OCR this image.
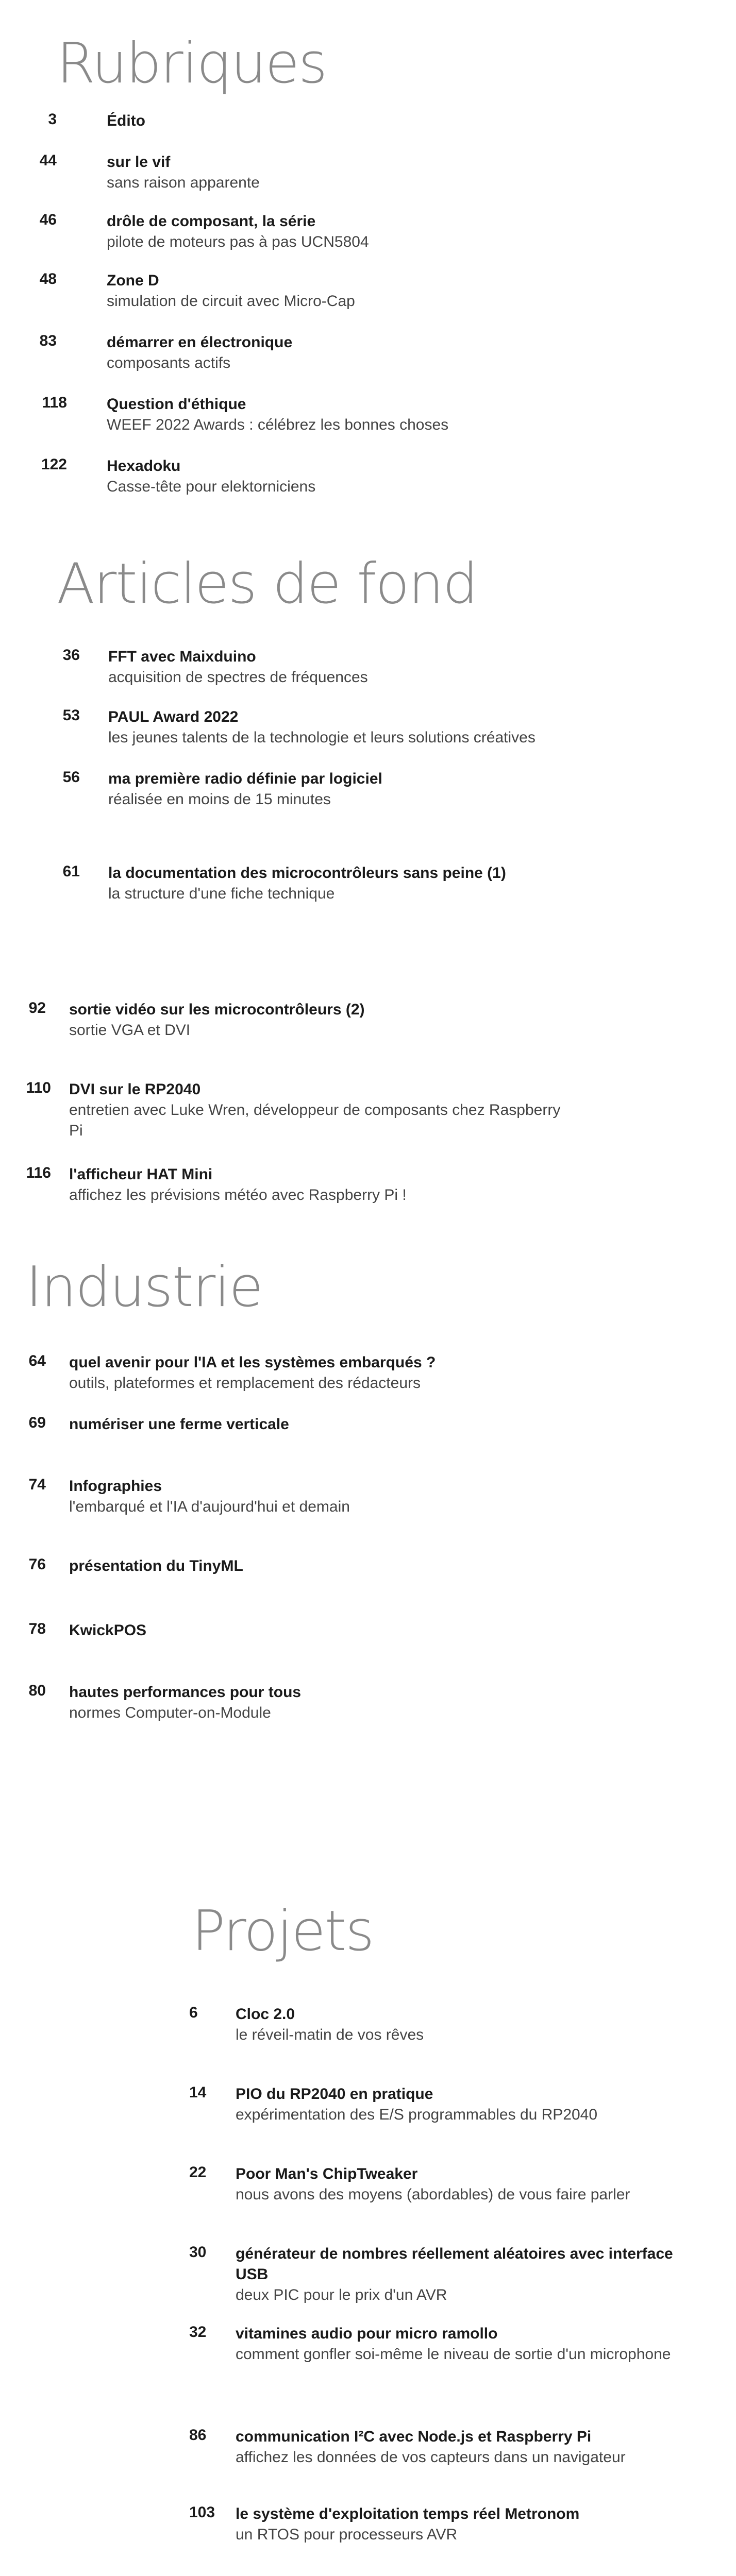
Rubriques
3	Édito
44	sur le vif
sans raison apparente
46	drôle de composant, la série
pilote de moteurs pas à pas UCN5804
48	Zone D
simulation de circuit avec Micro-Cap
83	démarrer en électronique
composants actifs
118	Question d'éthique
WEEF 2022 Awards : célébrez les bonnes choses
122	Hexadoku
Casse-tête pour elektorniciens
Articles de fond
36 FFT avec Maixduino
acquisition de spectres de fréquences
53 PAUL Award 2022
les jeunes talents de la technologie et leurs solutions créatives
56 ma première radio définie par logiciel
réalisée en moins de 15 minutes
61 la documentation des microcontrôleurs sans peine (1)
la structure d'une fiche technique
92 sortie vidéo sur les microcontrôleurs (2)
sortie VGA et DVI
110 DVI sur le RP2040
entretien avec Luke Wren, développeur de composants chez Raspberry Pi
116 l'afficheur HAT Mini
affichez les prévisions météo avec Raspberry Pi !
Industrie
64 quel avenir pour l'IA et les systèmes embarqués ?
outils, plateformes et remplacement des rédacteurs
69 numériser une ferme verticale
74 Infographies
l'embarqué et l'IA d'aujourd'hui et demain
76 présentation du TinyML
78 KwickPOS
80 hautes performances pour tous
normes Computer-on-Module
Projets
6	Cloc 2.0
le réveil-matin de vos rêves
14 PIO du RP2040 en pratique
expérimentation des E/S programmables du RP2040
22 Poor Man's ChipTweaker
nous avons des moyens (abordables) de vous faire parler
30 générateur de nombres réellement aléatoires avec interface USB
deux PIC pour le prix d'un AVR
32 vitamines audio pour micro ramollo
comment gonfler soi-même le niveau de sortie d'un microphone
86 communication I²C avec Node.js et Raspberry Pi
affichez les données de vos capteurs dans un navigateur
103 le système d'exploitation temps réel Metronom
un RTOS pour processeurs AVR
